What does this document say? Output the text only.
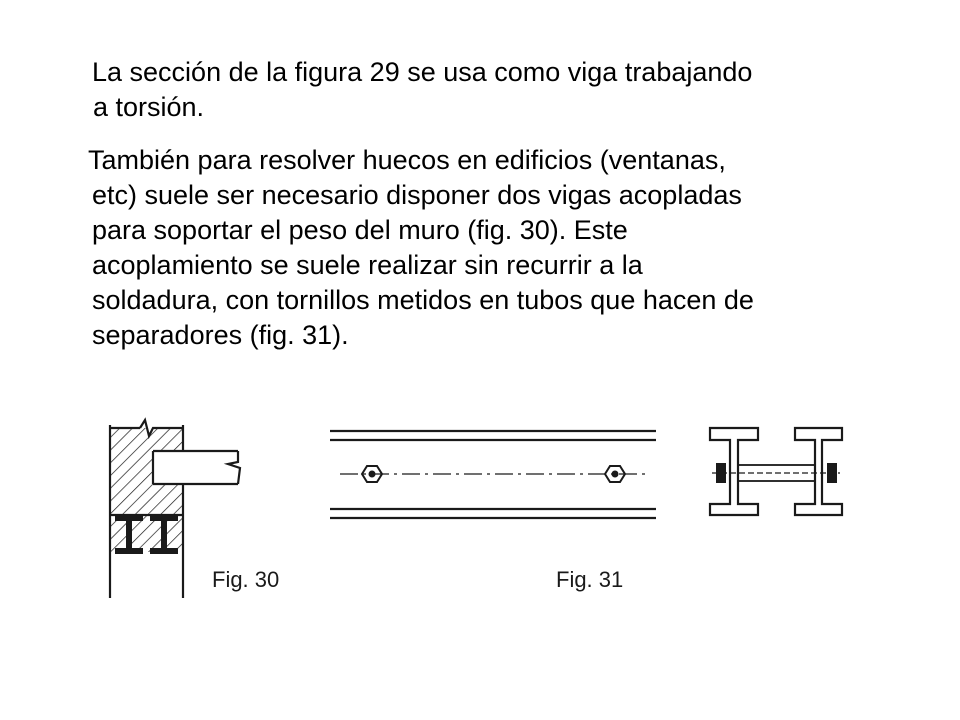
La sección de la figura 29 se usa como viga trabajando
a torsión.
También para resolver huecos en edificios (ventanas,
etc) suele ser necesario disponer dos vigas acopladas
para soportar el peso del muro (fig. 30). Este
acoplamiento se suele realizar sin recurrir a la
soldadura, con tornillos metidos en tubos que hacen de
separadores (fig. 31).
Fig. 30	Fig. 31
